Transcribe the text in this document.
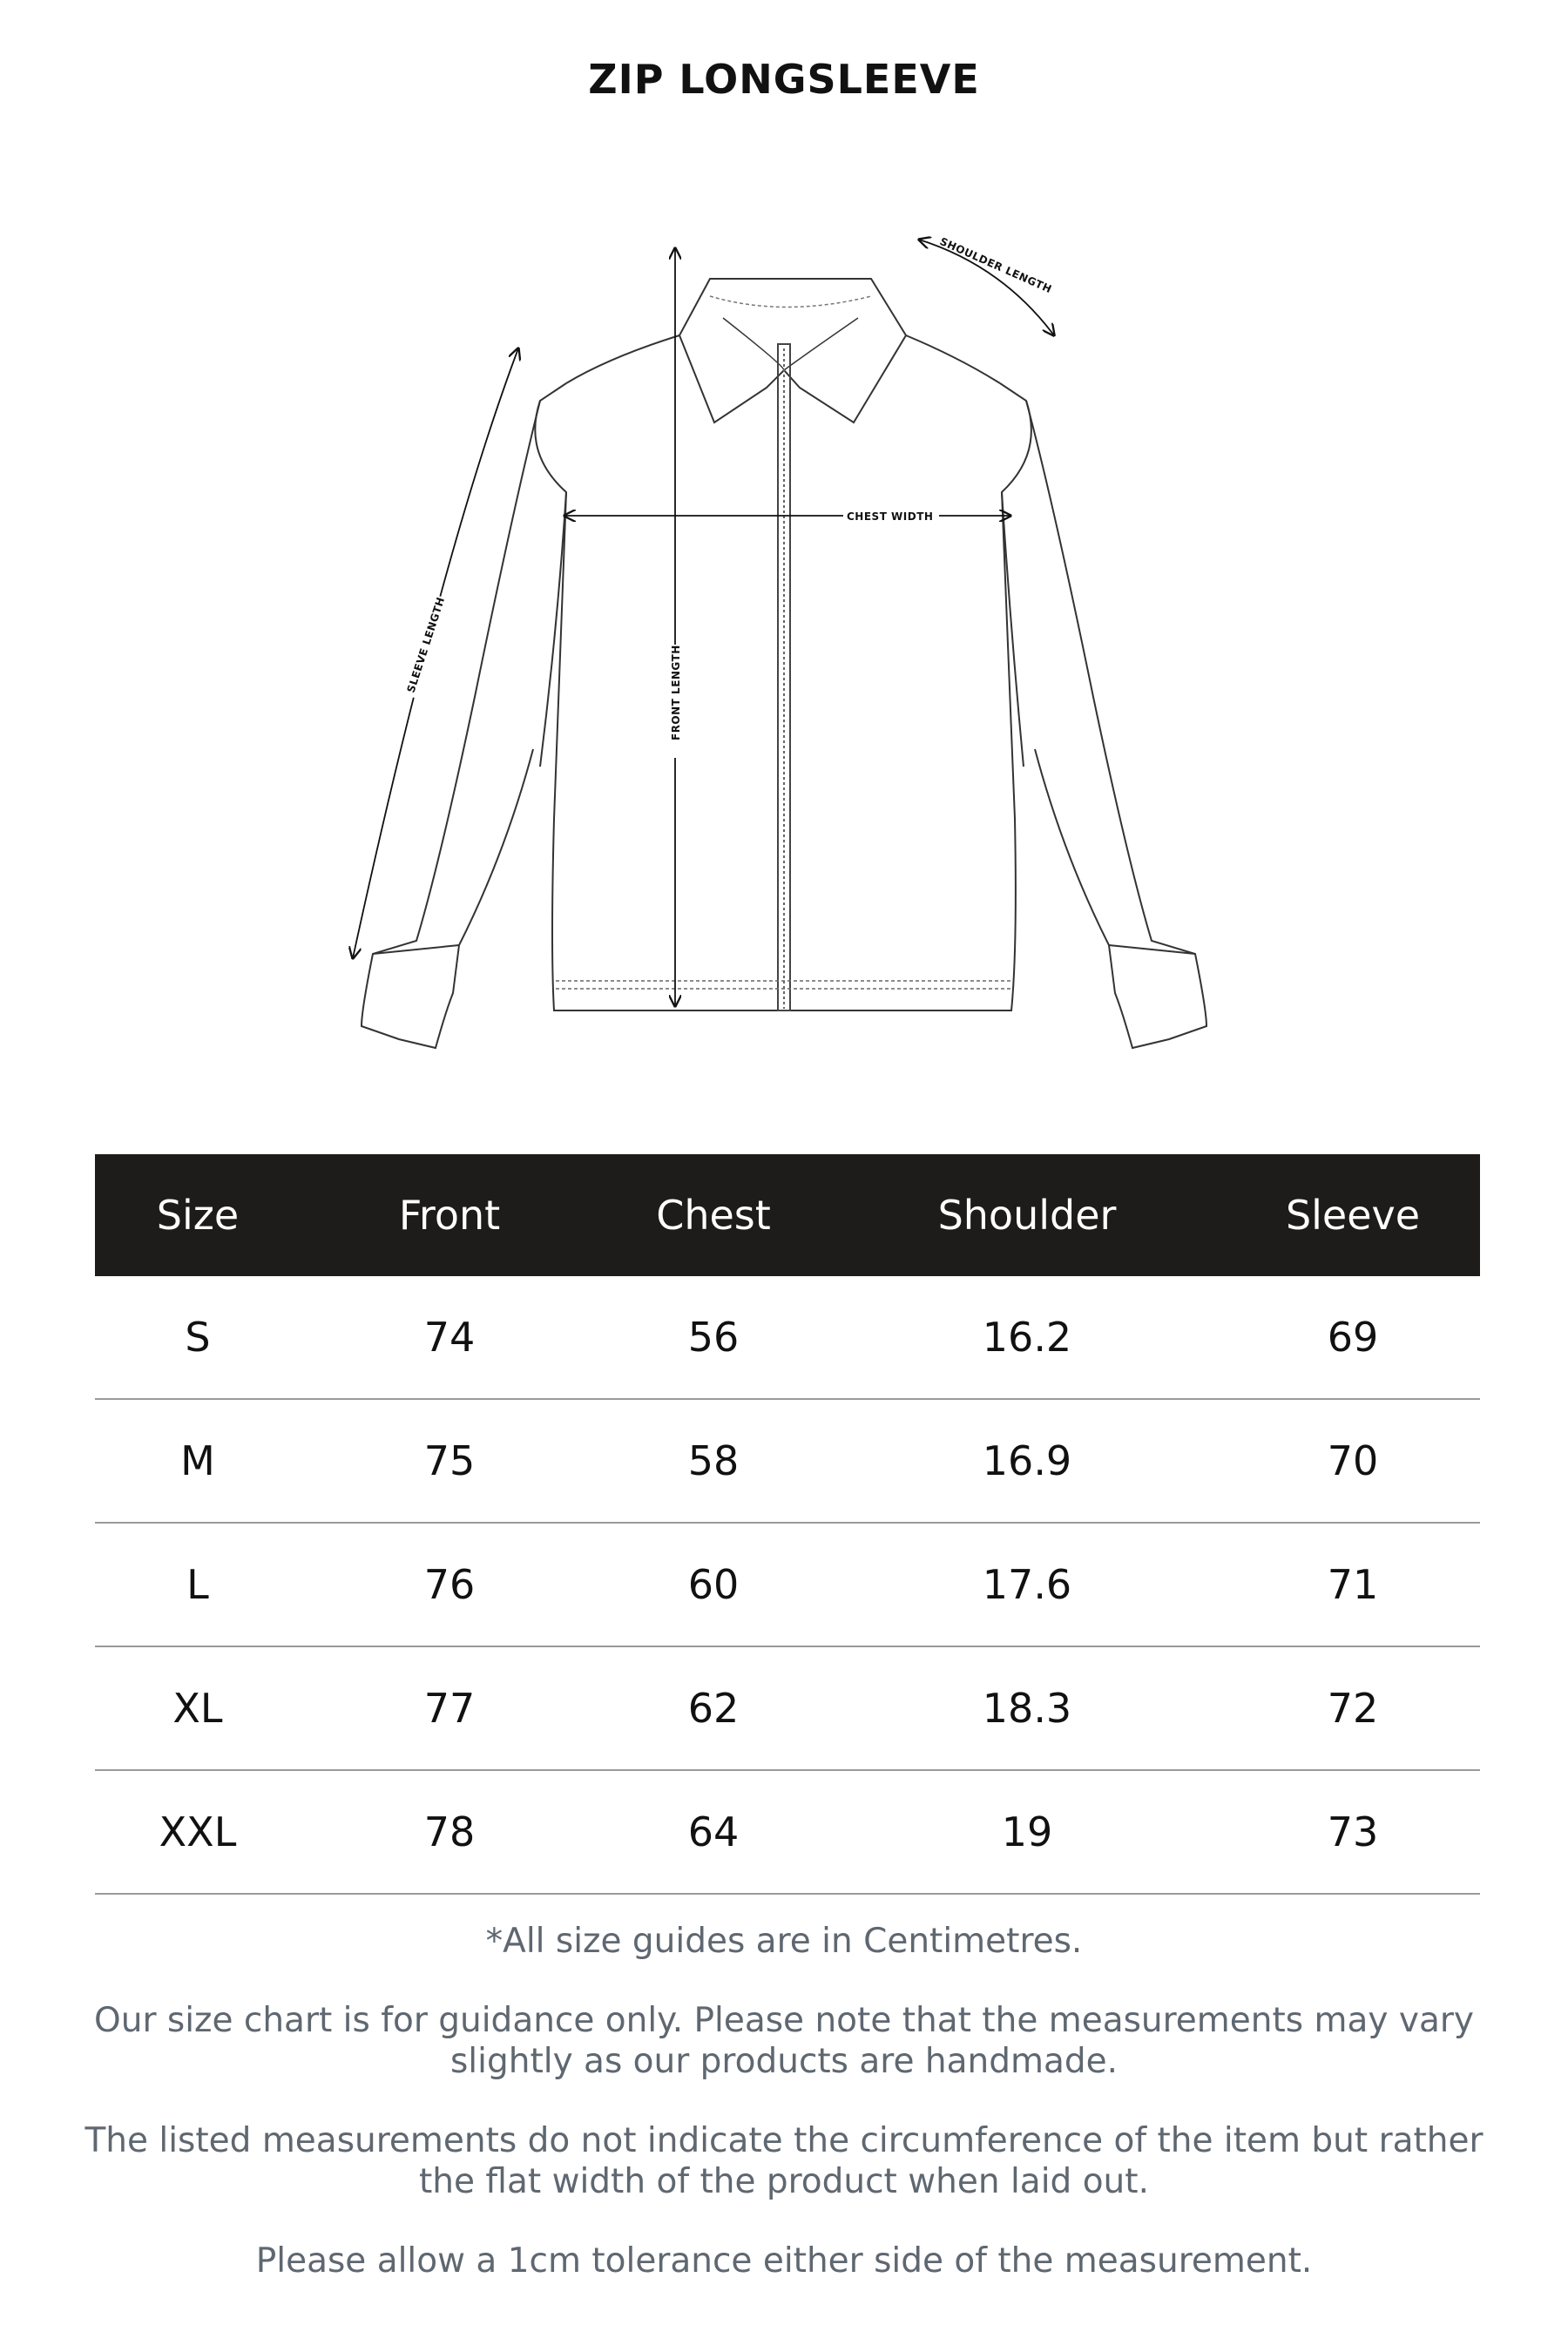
ZIP LONGSLEEVE
SHOULDER LENGTH
CHEST WIDTH
FRONT LENGTH
SLEEVE LENGTH
Size	Front	Chest	Shoulder	Sleeve
S	74	56	16.2	69
M	75	58	16.9	70
L	76	60	17.6	71
XL	77	62	18.3	72
XXL	78	64	19	73

*All size guides are in Centimetres.

Our size chart is for guidance only. Please note that the measurements may vary slightly as our products are handmade.

The listed measurements do not indicate the circumference of the item but rather the flat width of the product when laid out.

Please allow a 1cm tolerance either side of the measurement.
